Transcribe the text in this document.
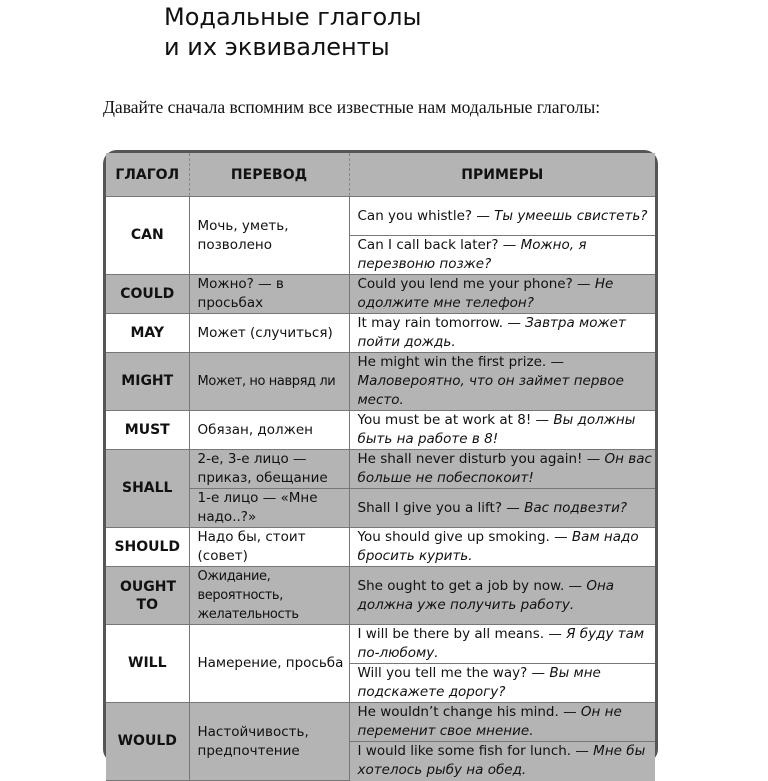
Модальные глаголы
и их эквиваленты
Давайте сначала вспомним все известные нам модальные глаголы:
ГЛАГОЛ	ПЕРЕВОД	ПРИМЕРЫ
CAN	Мочь, уметь, позволено	Can you whistle? — Ты умеешь свистеть?
		Can I call back later? — Можно, я перезвоню позже?
COULD	Можно? — в просьбах	Could you lend me your phone? — Не одолжите мне телефон?
MAY	Может (случиться)	It may rain tomorrow. — Завтра может пойти дождь.
MIGHT	Может, но навряд ли	He might win the first prize. — Маловероятно, что он займет первое место.
MUST	Обязан, должен	You must be at work at 8! — Вы должны быть на работе в 8!
SHALL	2-е, 3-е лицо — приказ, обещание	He shall never disturb you again! — Он вас больше не побеспокоит!
	1-е лицо — «Мне надо..?»	Shall I give you a lift? — Вас подвезти?
SHOULD	Надо бы, стоит (совет)	You should give up smoking. — Вам надо бросить курить.
OUGHT TO	Ожидание, вероятность, желательность	She ought to get a job by now. — Она должна уже получить работу.
WILL	Намерение, просьба	I will be there by all means. — Я буду там по-любому.
		Will you tell me the way? — Вы мне подскажете дорогу?
WOULD	Настойчивость, предпочтение	He wouldn’t change his mind. — Он не переменит свое мнение.
		I would like some fish for lunch. — Мне бы хотелось рыбу на обед.
